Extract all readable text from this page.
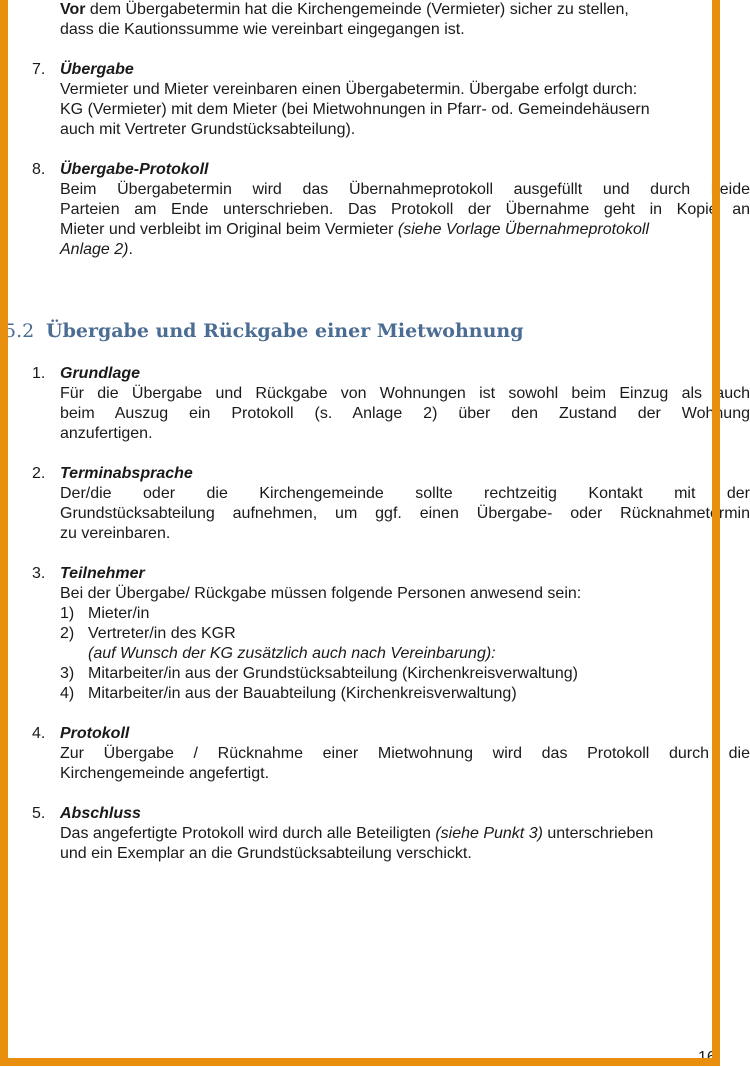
Vor dem Übergabetermin hat die Kirchengemeinde (Vermieter) sicher zu stellen,
dass die Kautionssumme wie vereinbart eingegangen ist.
7. Übergabe
Vermieter und Mieter vereinbaren einen Übergabetermin. Übergabe erfolgt durch:
KG (Vermieter) mit dem Mieter (bei Mietwohnungen in Pfarr- od. Gemeindehäusern
auch mit Vertreter Grundstücksabteilung).
8. Übergabe-Protokoll
Beim Übergabetermin wird das Übernahmeprotokoll ausgefüllt und durch beide
Parteien am Ende unterschrieben. Das Protokoll der Übernahme geht in Kopie an
Mieter und verbleibt im Original beim Vermieter (siehe Vorlage Übernahmeprotokoll
Anlage 2).
5.2 Übergabe und Rückgabe einer Mietwohnung
1. Grundlage
Für die Übergabe und Rückgabe von Wohnungen ist sowohl beim Einzug als auch
beim Auszug ein Protokoll (s. Anlage 2) über den Zustand der Wohnung
anzufertigen.
2. Terminabsprache
Der/die oder die Kirchengemeinde sollte rechtzeitig Kontakt mit der
Grundstücksabteilung aufnehmen, um ggf. einen Übergabe- oder Rücknahmetermin
zu vereinbaren.
3. Teilnehmer
Bei der Übergabe/ Rückgabe müssen folgende Personen anwesend sein:
1) Mieter/in
2) Vertreter/in des KGR
(auf Wunsch der KG zusätzlich auch nach Vereinbarung):
3) Mitarbeiter/in aus der Grundstücksabteilung (Kirchenkreisverwaltung)
4) Mitarbeiter/in aus der Bauabteilung (Kirchenkreisverwaltung)
4. Protokoll
Zur Übergabe / Rücknahme einer Mietwohnung wird das Protokoll durch die
Kirchengemeinde angefertigt.
5. Abschluss
Das angefertigte Protokoll wird durch alle Beteiligten (siehe Punkt 3) unterschrieben
und ein Exemplar an die Grundstücksabteilung verschickt.
16
